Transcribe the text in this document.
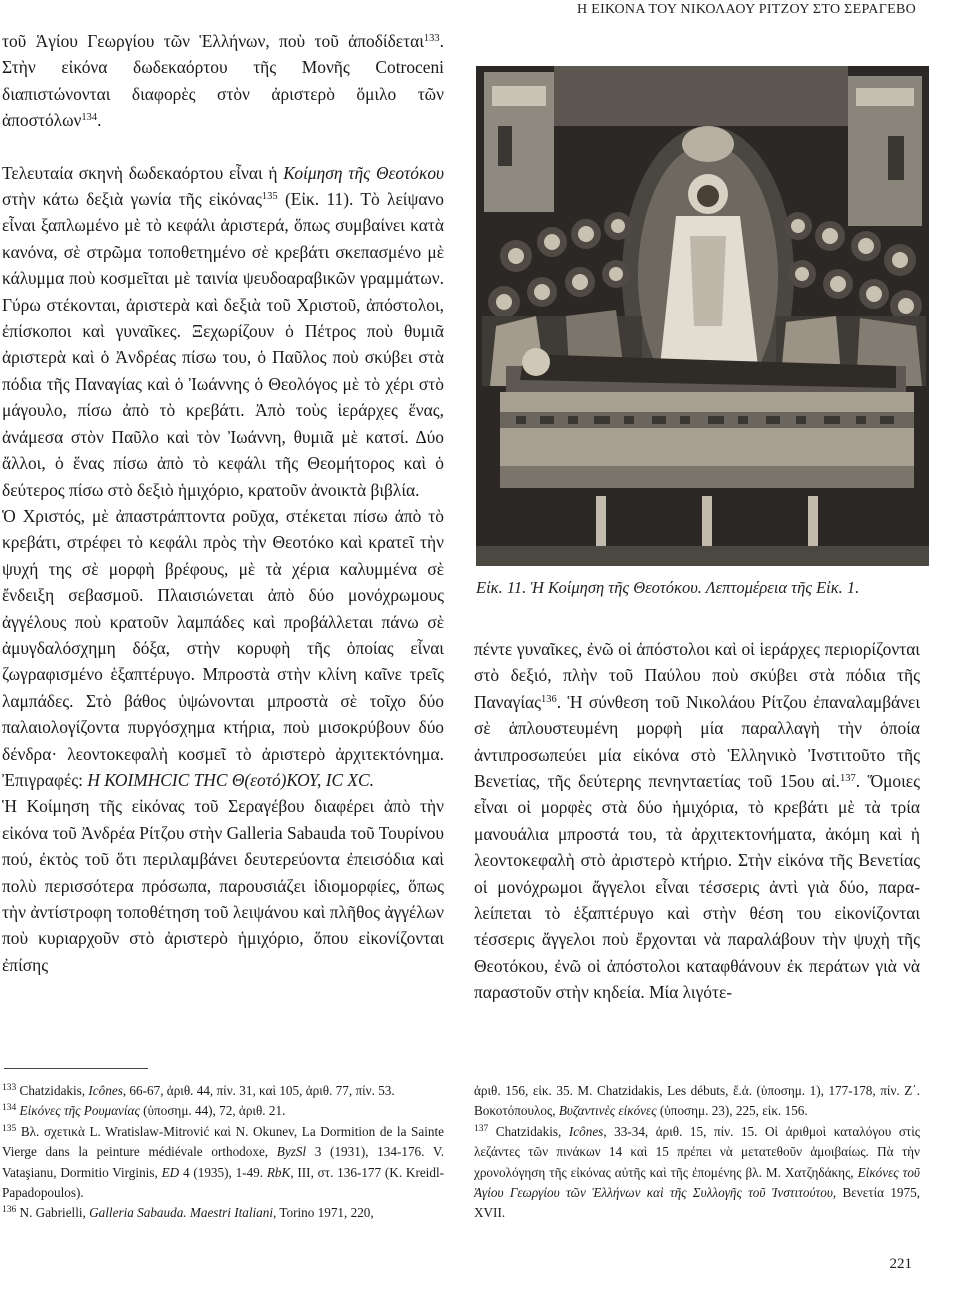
Η ΕΙΚΟΝΑ ΤΟΥ ΝΙΚΟΛΑΟΥ ΡΙΤΖΟΥ ΣΤΟ ΣΕΡΑΓΕΒΟ

τοῦ Ἁγίου Γεωργίου τῶν Ἑλλήνων, ποὺ τοῦ ἀποδίδεται$^{133}$. Στὴν εἰκόνα δωδεκαόρτου τῆς Μονῆς Cotroceni διαπιστώνονται διαφορὲς στὸν ἀριστερὸ ὅμιλο τῶν ἀποστόλων$^{134}$.

Τελευταία σκηνὴ δωδεκαόρτου εἶναι ἡ Κοίμηση τῆς Θεοτόκου στὴν κάτω δεξιὰ γωνία τῆς εἰκόνας$^{135}$ (Εἰκ. 11). Τὸ λείψανο εἶναι ξαπλωμένο μὲ τὸ κεφάλι ἀριστερά, ὅπως συμβαίνει κατὰ κανόνα, σὲ στρῶμα τοποθετημένο σὲ κρεβάτι σκεπασμένο μὲ κάλυμμα ποὺ κοσμεῖται μὲ ταινία ψευδοαραβικῶν γραμμάτων. Γύρω στέκονται, ἀριστερὰ καὶ δεξιὰ τοῦ Χριστοῦ, ἀπόστολοι, ἐπίσκοποι καὶ γυναῖκες. Ξεχωρίζουν ὁ Πέτρος ποὺ θυμιᾶ ἀριστερὰ καὶ ὁ Ἀνδρέας πίσω του, ὁ Παῦλος ποὺ σκύβει στὰ πόδια τῆς Παναγίας καὶ ὁ Ἰωάννης ὁ Θεολόγος μὲ τὸ χέρι στὸ μάγουλο, πίσω ἀπὸ τὸ κρεβάτι. Ἀπὸ τοὺς ἱεράρχες ἕνας, ἀνάμεσα στὸν Παῦλο καὶ τὸν Ἰωάννη, θυμιᾶ μὲ κατσί. Δύο ἄλλοι, ὁ ἕνας πίσω ἀπὸ τὸ κεφάλι τῆς Θεομήτορος καὶ ὁ δεύτερος πίσω στὸ δεξιὸ ἡμιχόριο, κρατοῦν ἀνοικτὰ βιβλία.

Ὁ Χριστός, μὲ ἀπαστράπτοντα ροῦχα, στέκεται πίσω ἀπὸ τὸ κρεβάτι, στρέφει τὸ κεφάλι πρὸς τὴν Θεοτόκο καὶ κρατεῖ τὴν ψυχή της σὲ μορφὴ βρέφους, μὲ τὰ χέρια καλυμμένα σὲ ἔνδειξη σεβασμοῦ. Πλαισιώνεται ἀπὸ δύο μονόχρωμους ἀγγέλους ποὺ κρατοῦν λαμπάδες καὶ προβάλλεται πάνω σὲ ἀμυγδαλόσχημη δόξα, στὴν κορυφὴ τῆς ὁποίας εἶναι ζωγραφισμένο ἑξαπτέρυγο. Μπροστὰ στὴν κλίνη καῖνε τρεῖς λαμπάδες. Στὸ βάθος ὑψώνονται μπροστὰ σὲ τοῖχο δύο παλαιολογίζοντα πυργόσχημα κτήρια, ποὺ μισοκρύβουν δύο δένδρα· λεοντοκεφαλὴ κοσμεῖ τὸ ἀριστερὸ ἀρχιτεκτόνημα. Ἐπιγραφές: Η ΚΟΙΜΗCIC ΤΗC Θ(εοτό)ΚΟΥ, IC XC.

Ἡ Κοίμηση τῆς εἰκόνας τοῦ Σεραγέβου διαφέρει ἀπὸ τὴν εἰκόνα τοῦ Ἀνδρέα Ρίτζου στὴν Galleria Sabauda τοῦ Τουρίνου πού, ἐκτὸς τοῦ ὅτι περιλαμβάνει δευτερεύοντα ἐπεισόδια καὶ πολὺ περισσότερα πρόσωπα, παρουσιάζει ἰδιομορφίες, ὅπως τὴν ἀντίστροφη τοποθέτηση τοῦ λειψάνου καὶ πλῆθος ἀγγέλων ποὺ κυριαρχοῦν στὸ ἀριστερὸ ἡμιχόριο, ὅπου εἰκονίζονται ἐπίσης

Εἰκ. 11. Ἡ Κοίμηση τῆς Θεοτόκου. Λεπτομέρεια τῆς Εἰκ. 1.

πέντε γυναῖκες, ἐνῶ οἱ ἀπόστολοι καὶ οἱ ἱεράρχες περιορίζονται στὸ δεξιό, πλὴν τοῦ Παύλου ποὺ σκύβει στὰ πόδια τῆς Παναγίας$^{136}$. Ἡ σύνθεση τοῦ Νικολάου Ρίτζου ἐπαναλαμβάνει σὲ ἁπλουστευμένη μορφὴ μία παραλλαγὴ τὴν ὁποία ἀντιπροσωπεύει μία εἰκόνα στὸ Ἑλληνικὸ Ἰνστιτοῦτο τῆς Βενετίας, τῆς δεύτερης πενηνταετίας τοῦ 15ου αἰ.$^{137}$. Ὅμοιες εἶναι οἱ μορφὲς στὰ δύο ἡμιχόρια, τὸ κρεβάτι μὲ τὰ τρία μανουάλια μπροστά του, τὰ ἀρχιτεκτονήματα, ἀκόμη καὶ ἡ λεοντοκεφαλὴ στὸ ἀριστερὸ κτήριο. Στὴν εἰκόνα τῆς Βενετίας οἱ μονόχρωμοι ἄγγελοι εἶναι τέσσερις ἀντὶ γιὰ δύο, παραλείπεται τὸ ἑξαπτέρυγο καὶ στὴν θέση του εἰκονίζονται τέσσερις ἄγγελοι ποὺ ἔρχονται νὰ παραλάβουν τὴν ψυχὴ τῆς Θεοτόκου, ἐνῶ οἱ ἀπόστολοι καταφθάνουν ἐκ περάτων γιὰ νὰ παραστοῦν στὴν κηδεία. Μία λιγότε-

$^{133}$ Chatzidakis, Icônes, 66-67, ἀριθ. 44, πίν. 31, καὶ 105, ἀριθ. 77, πίν. 53.

$^{134}$ Εἰκόνες τῆς Ρουμανίας (ὑποσημ. 44), 72, ἀριθ. 21.

$^{135}$ Βλ. σχετικὰ L. Wratislaw-Mitrović καὶ N. Okunev, La Dormition de la Sainte Vierge dans la peinture médiévale orthodoxe, ByzSl 3 (1931), 134-176. V. Vataşianu, Dormitio Virginis, ED 4 (1935), 1-49. RbK, III, στ. 136-177 (K. Kreidl-Papadopoulos).

$^{136}$ N. Gabrielli, Galleria Sabauda. Maestri Italiani, Torino 1971, 220,

ἀριθ. 156, εἰκ. 35. M. Chatzidakis, Les débuts, ἔ.ἀ. (ὑποσημ. 1), 177-178, πίν. Ζ΄. Βοκοτόπουλος, Βυζαντινὲς εἰκόνες (ὑποσημ. 23), 225, εἰκ. 156.

$^{137}$ Chatzidakis, Icônes, 33-34, ἀριθ. 15, πίν. 15. Οἱ ἀριθμοὶ καταλόγου στὶς λεζάντες τῶν πινάκων 14 καὶ 15 πρέπει νὰ μετατεθοῦν ἀμοιβαίως. Πὰ τὴν χρονολόγηση τῆς εἰκόνας αὐτῆς καὶ τῆς ἐπομένης βλ. Μ. Χατζηδάκης, Εἰκόνες τοῦ Ἁγίου Γεωργίου τῶν Ἑλλήνων καὶ τῆς Συλλογῆς τοῦ Ἰνστιτούτου, Βενετία 1975, XVII.

221
